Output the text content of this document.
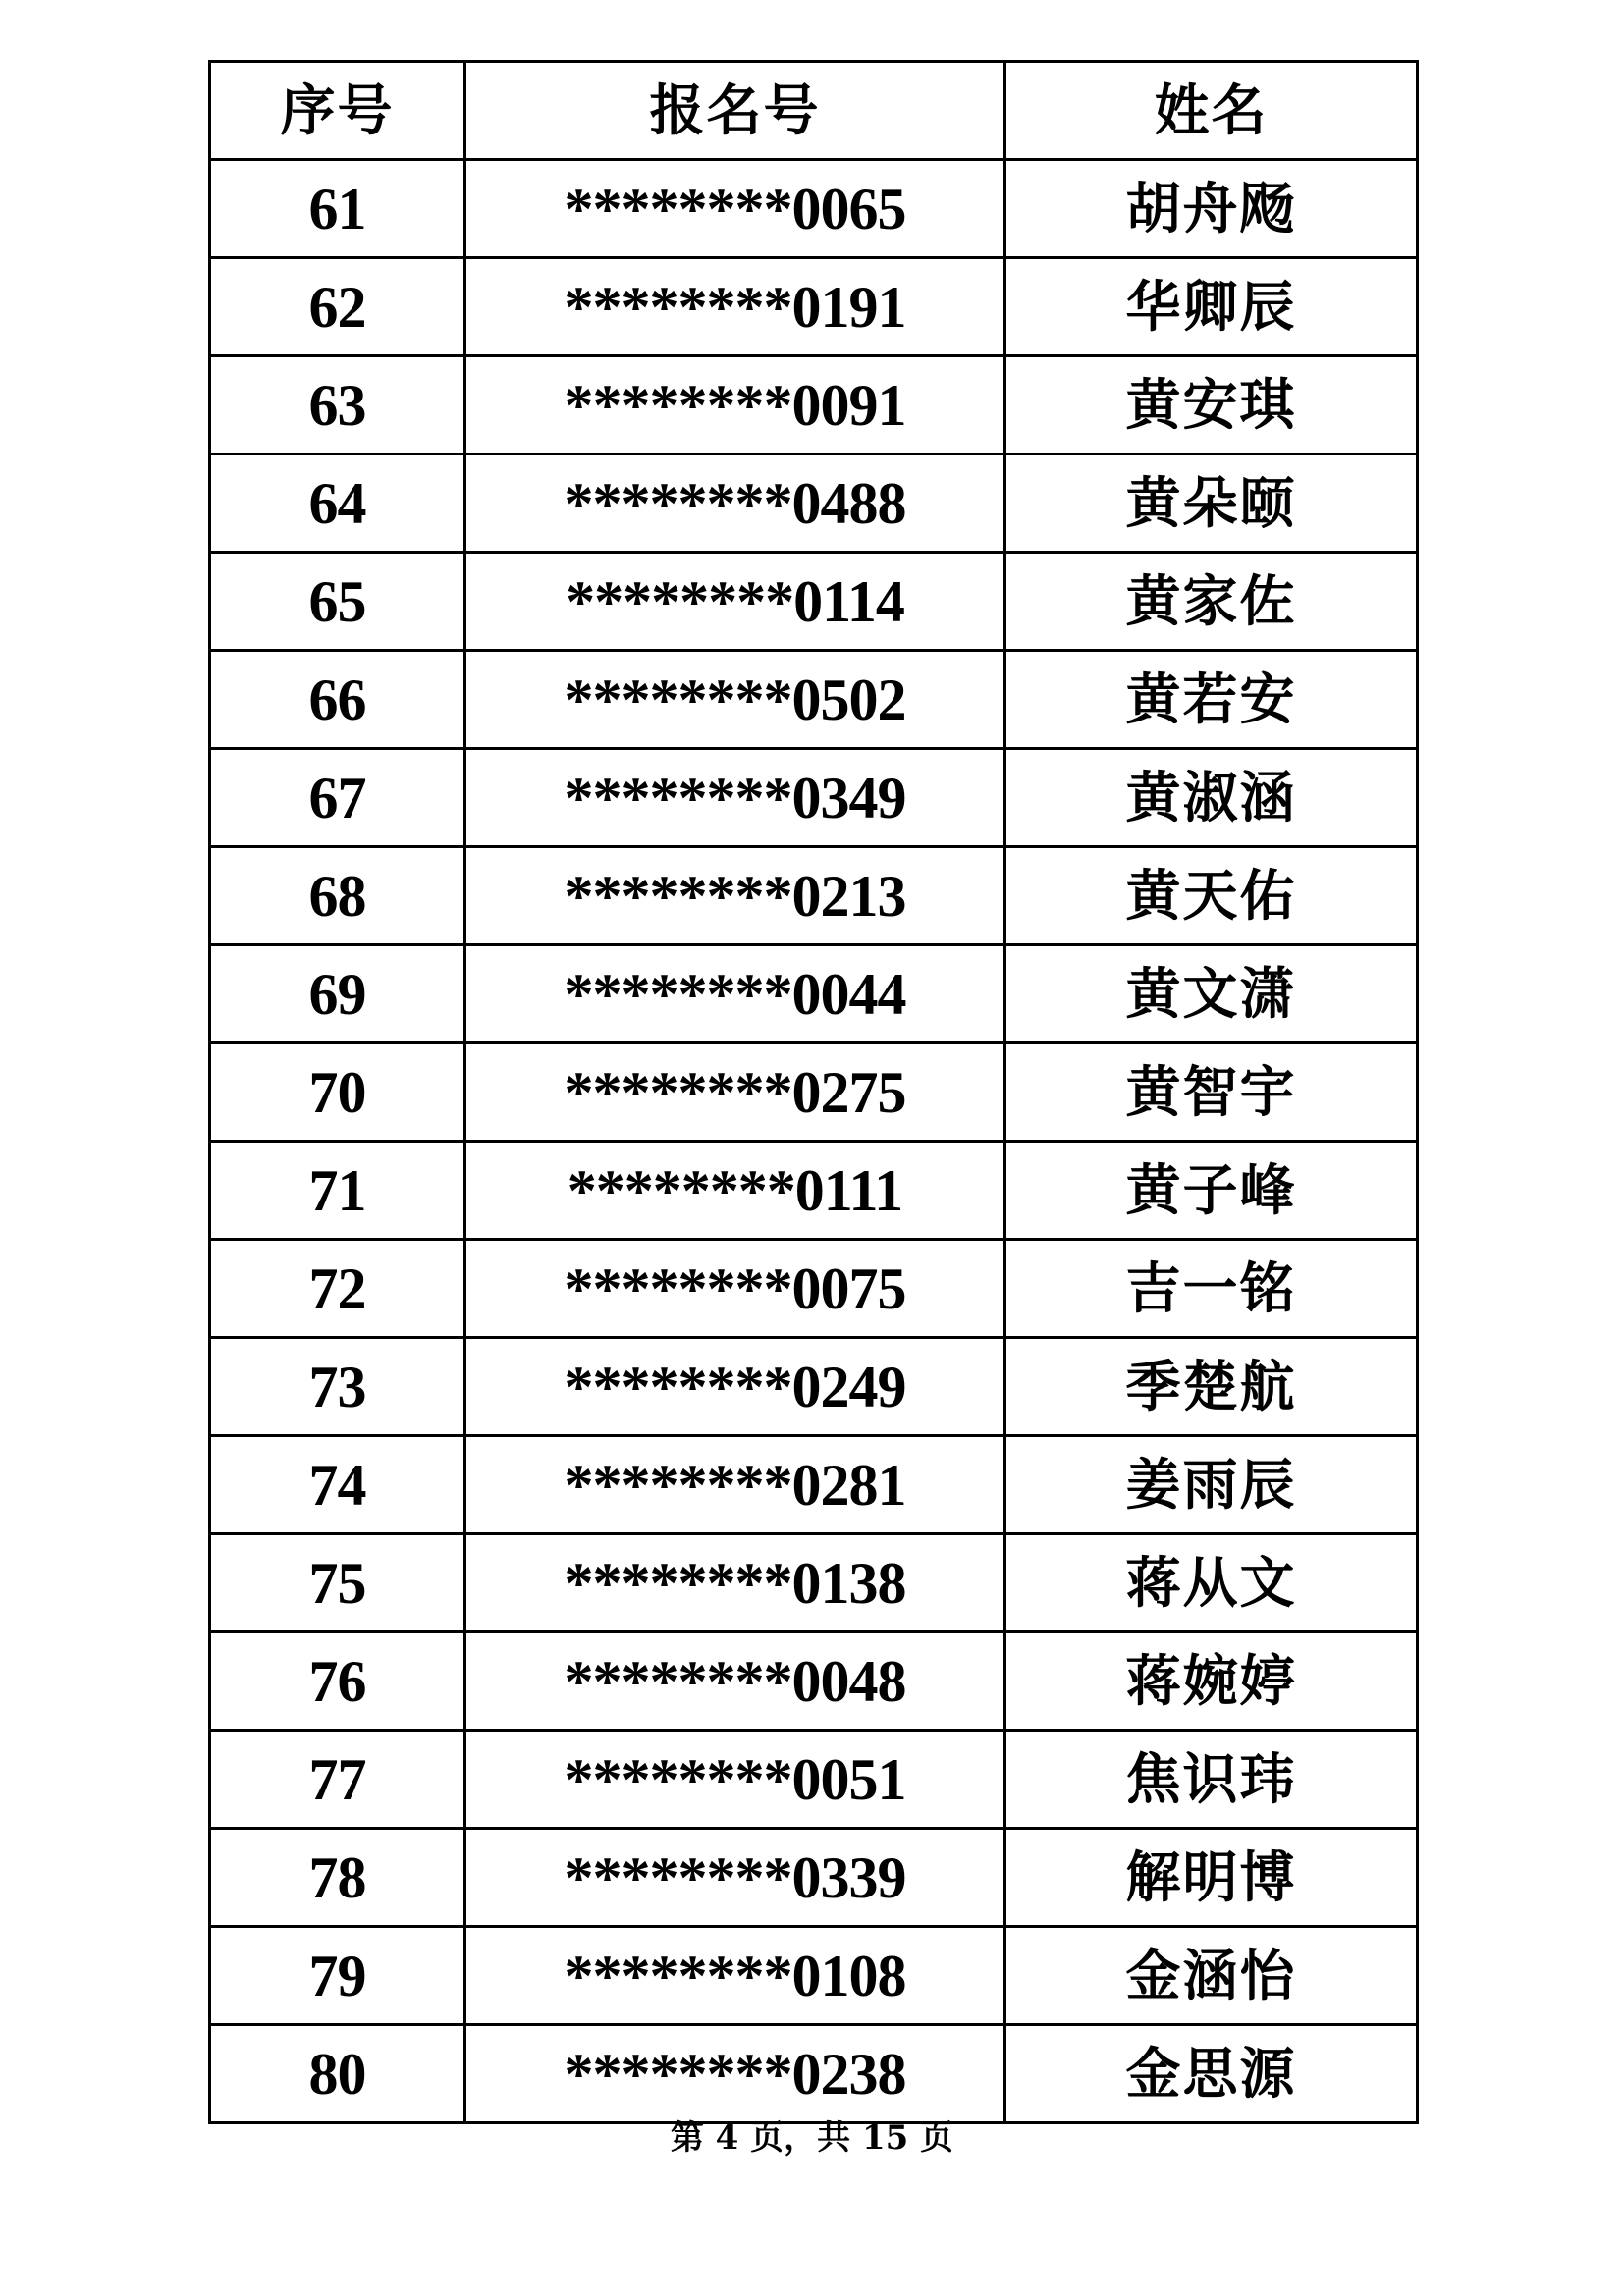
序号	报名号	姓名
61	********0065	胡舟飏
62	********0191	华卿辰
63	********0091	黄安琪
64	********0488	黄朵颐
65	********0114	黄家佐
66	********0502	黄若安
67	********0349	黄淑涵
68	********0213	黄天佑
69	********0044	黄文潇
70	********0275	黄智宇
71	********0111	黄子峰
72	********0075	吉一铭
73	********0249	季楚航
74	********0281	姜雨辰
75	********0138	蒋从文
76	********0048	蒋婉婷
77	********0051	焦识玮
78	********0339	解明博
79	********0108	金涵怡
80	********0238	金思源
第 4 页，共 15 页
